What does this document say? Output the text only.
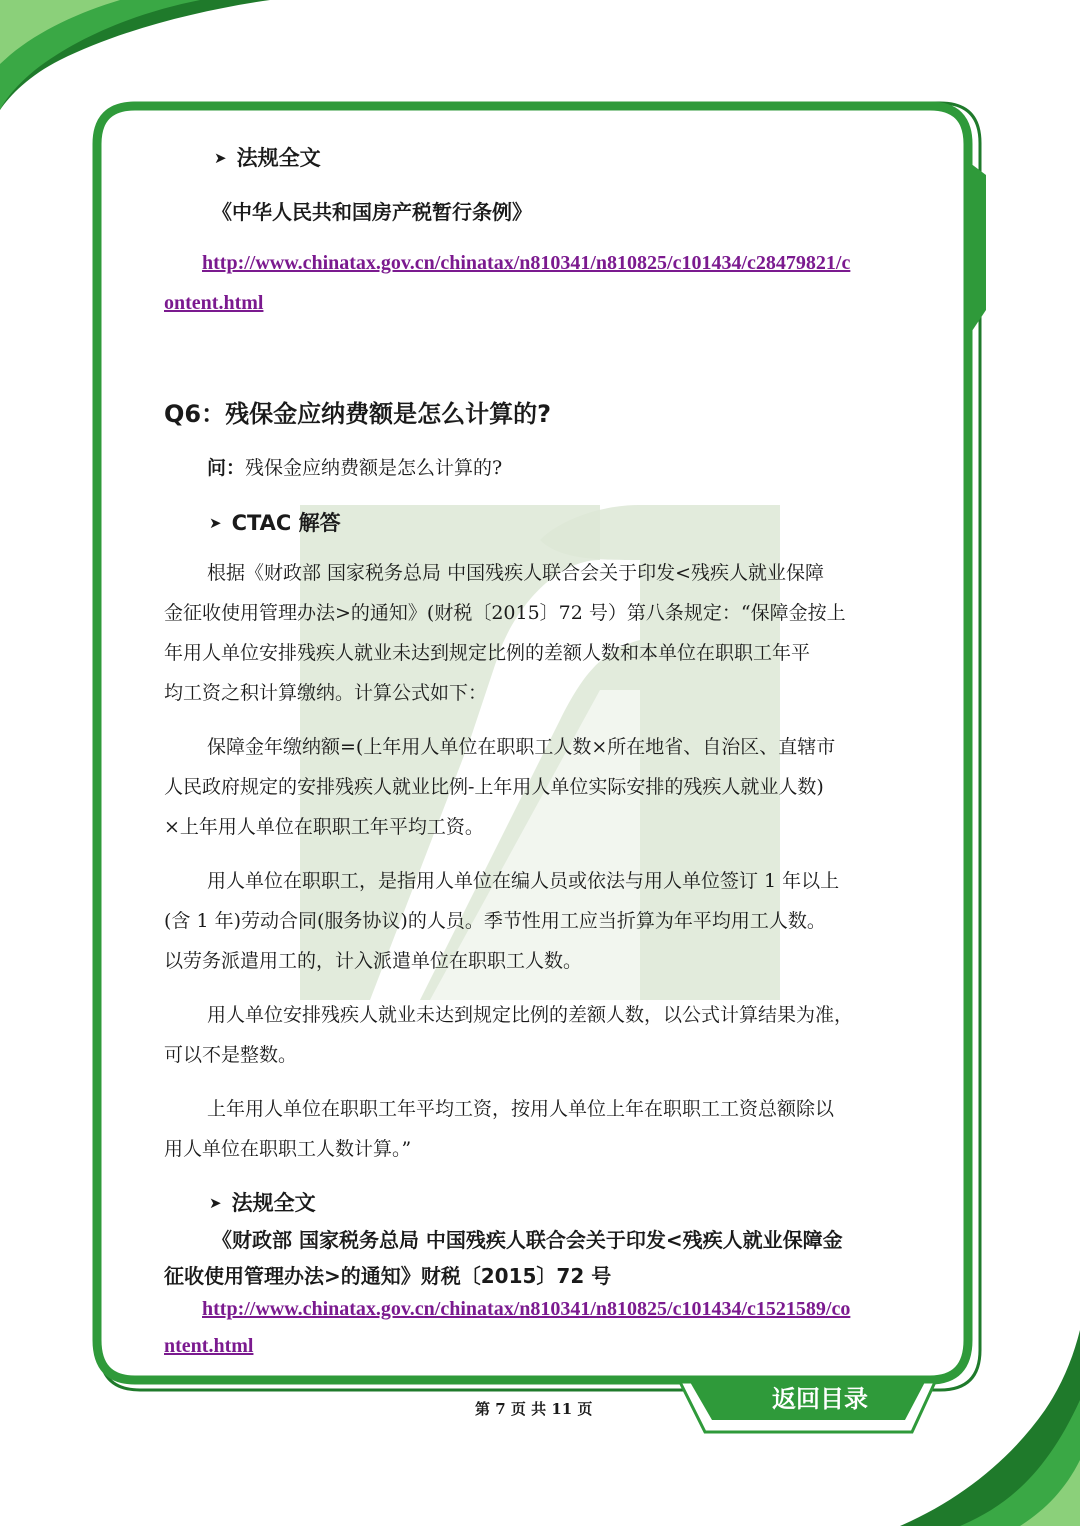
➤ 法规全文
《中华人民共和国房产税暂行条例》
http://www.chinatax.gov.cn/chinatax/n810341/n810825/c101434/c28479821/c
ontent.html
Q6：残保金应纳费额是怎么计算的?
问：残保金应纳费额是怎么计算的?
➤ CTAC 解答
根据《财政部 国家税务总局 中国残疾人联合会关于印发<残疾人就业保障
金征收使用管理办法>的通知》(财税〔2015〕72 号）第八条规定：“保障金按上
年用人单位安排残疾人就业未达到规定比例的差额人数和本单位在职职工年平
均工资之积计算缴纳。计算公式如下：
保障金年缴纳额=(上年用人单位在职职工人数×所在地省、自治区、直辖市
人民政府规定的安排残疾人就业比例-上年用人单位实际安排的残疾人就业人数)
×上年用人单位在职职工年平均工资。
用人单位在职职工，是指用人单位在编人员或依法与用人单位签订 1 年以上
(含 1 年)劳动合同(服务协议)的人员。季节性用工应当折算为年平均用工人数。
以劳务派遣用工的，计入派遣单位在职职工人数。
用人单位安排残疾人就业未达到规定比例的差额人数，以公式计算结果为准，
可以不是整数。
上年用人单位在职职工年平均工资，按用人单位上年在职职工工资总额除以
用人单位在职职工人数计算。”
➤ 法规全文
《财政部 国家税务总局 中国残疾人联合会关于印发<残疾人就业保障金
征收使用管理办法>的通知》财税〔2015〕72 号
http://www.chinatax.gov.cn/chinatax/n810341/n810825/c101434/c1521589/co
ntent.html
第 7 页 共 11 页	返回目录
